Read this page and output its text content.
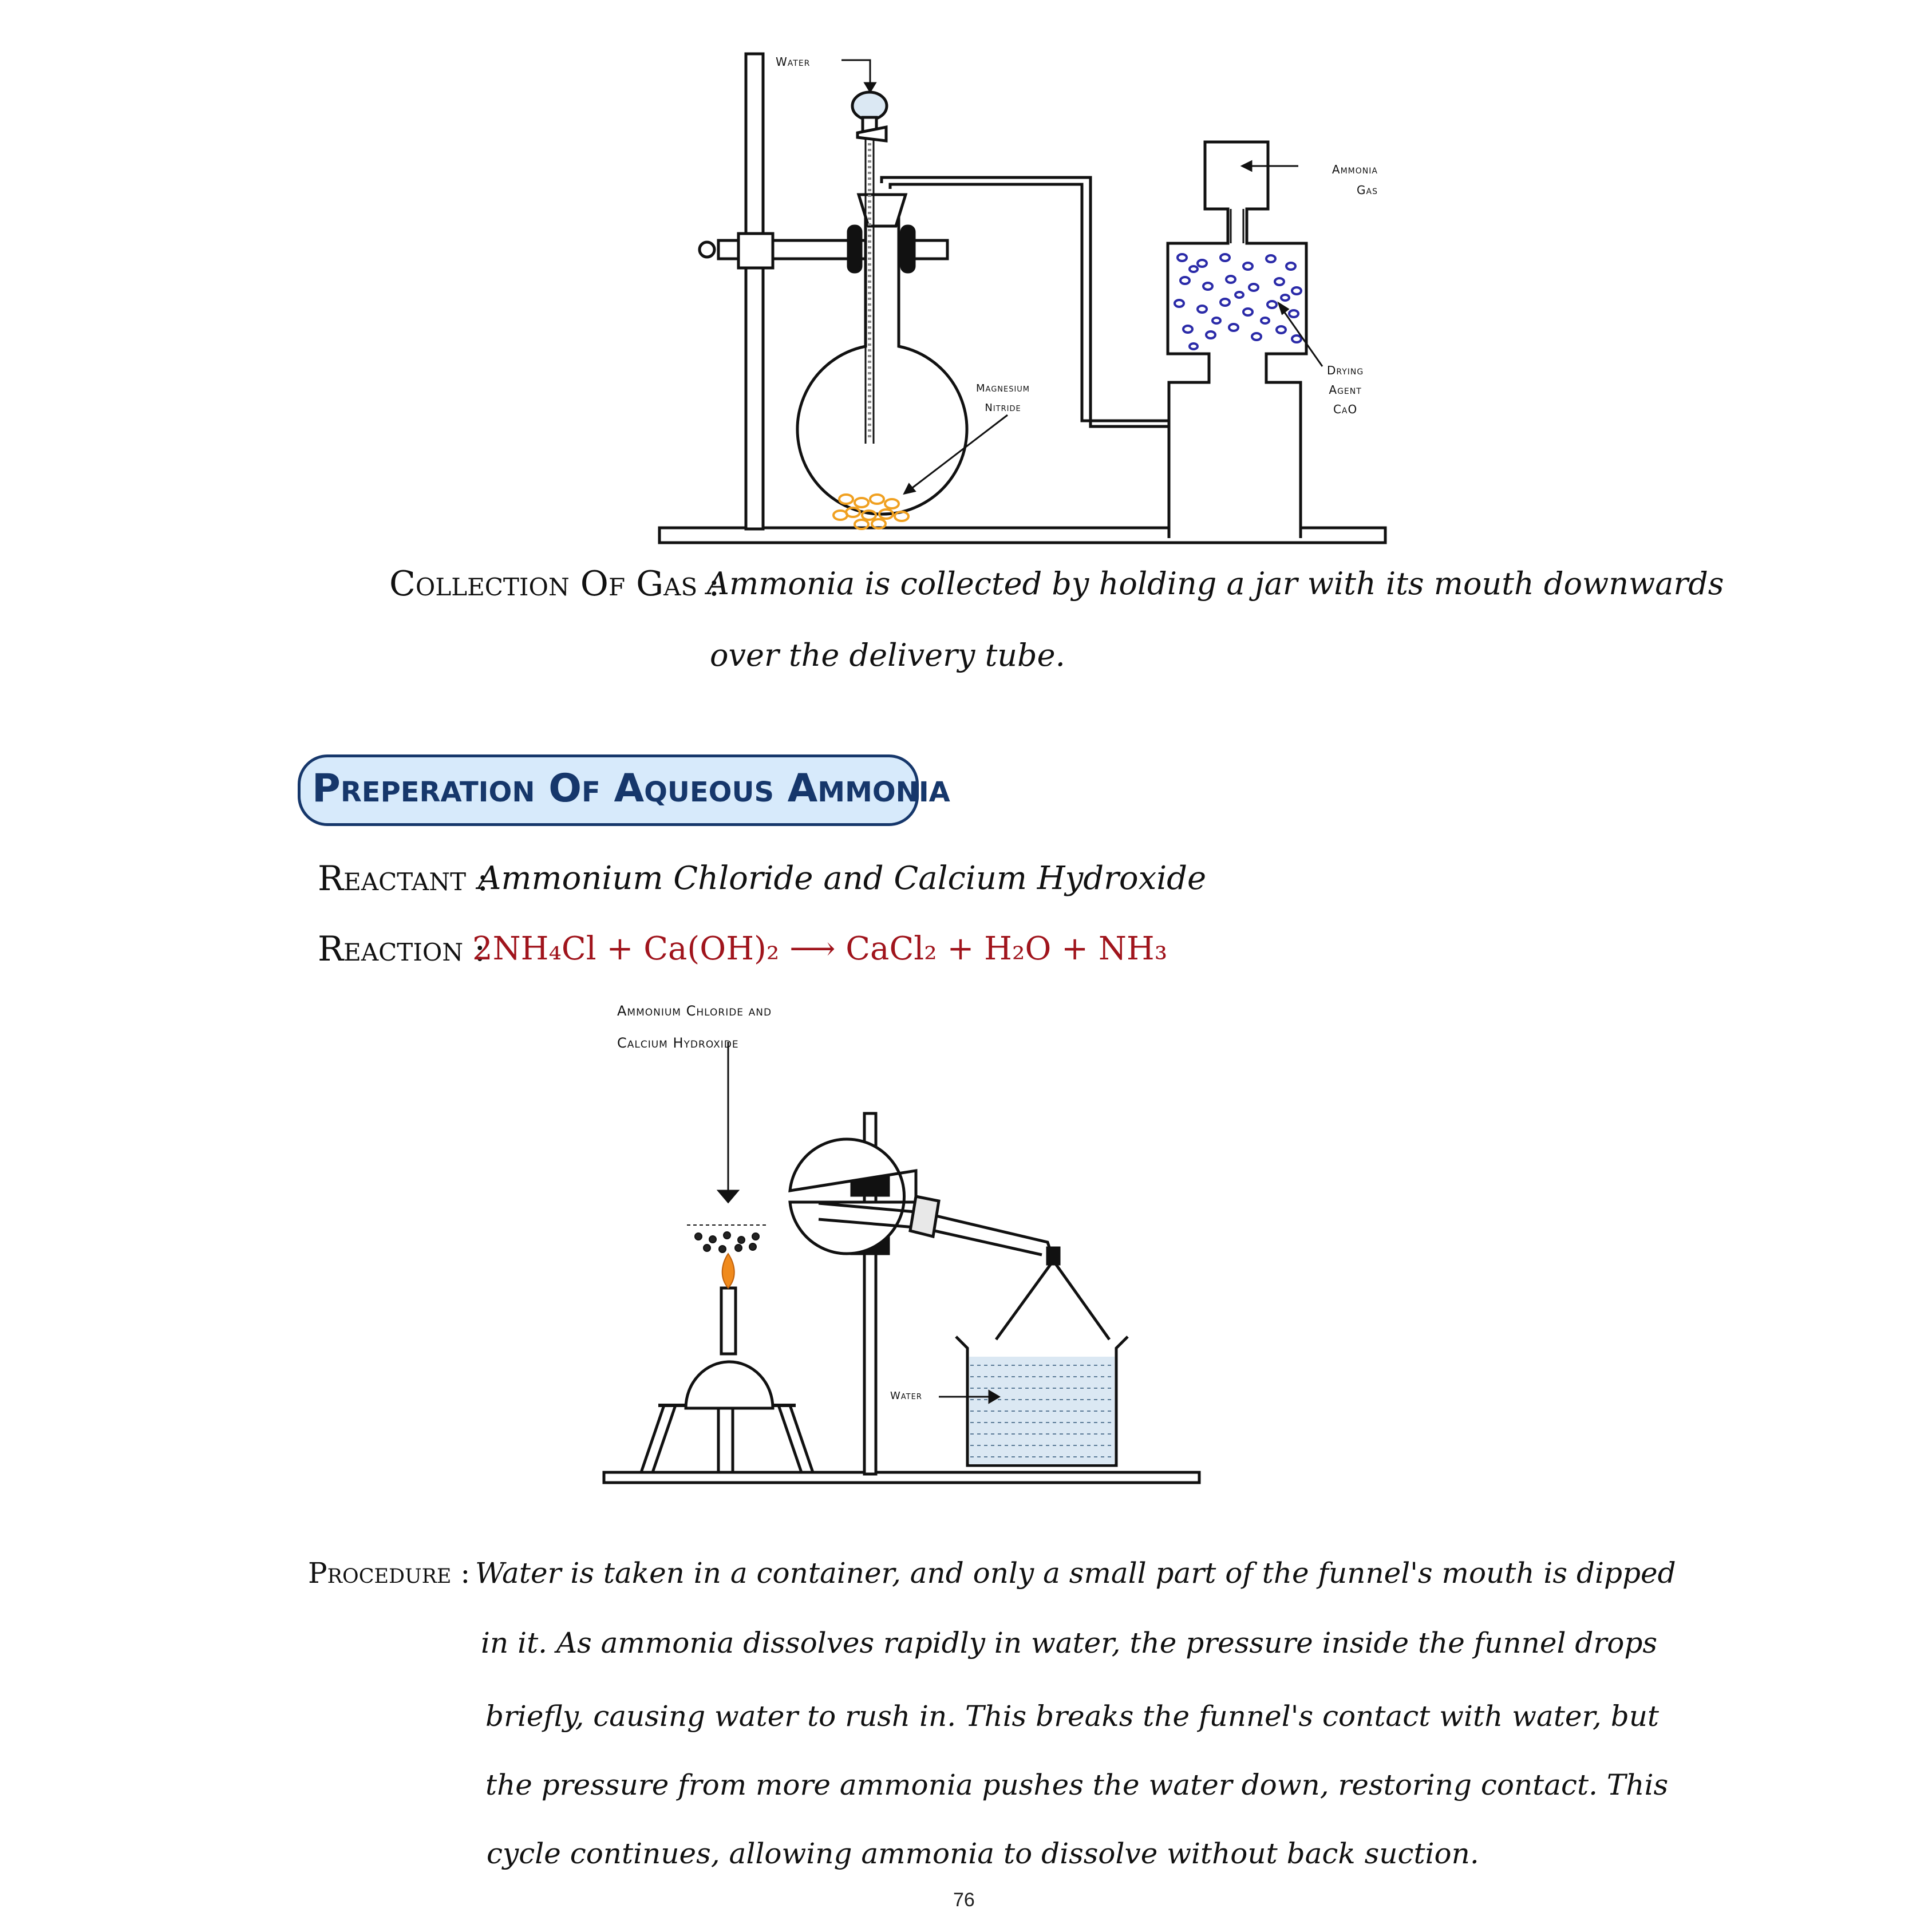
Water
Ammonia
Gas
Drying
Agent
CaO
Magnesium
Nitride
Collection Of Gas :
Ammonia is collected by holding a jar with its mouth downwards
over the delivery tube.
Preperation Of Aqueous Ammonia
Reactant :
Ammonium Chloride and Calcium Hydroxide
Reaction :
2NH₄Cl + Ca(OH)₂ ⟶ CaCl₂ + H₂O + NH₃
Ammonium Chloride and
Calcium Hydroxide
Water
Procedure : Water is taken in a container, and only a small part of the funnel's mouth is dipped
in it. As ammonia dissolves rapidly in water, the pressure inside the funnel drops
briefly, causing water to rush in. This breaks the funnel's contact with water, but
the pressure from more ammonia pushes the water down, restoring contact. This
cycle continues, allowing ammonia to dissolve without back suction.
76
